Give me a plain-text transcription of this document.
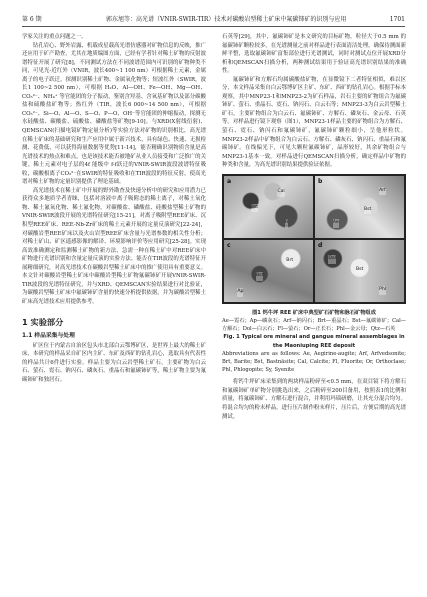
第 6 期	郭东旭等：高光谱（VNIR-SWIR-TIR）技术对碳酸岩型稀土矿床中氟碳铈矿的识别与应用	1701

学家关注的重点问题之一。

钻孔岩心、野外岩露、机载成星载高光谱仿感器对矿物信息的反映，推广还应用于矿产勘查，尤其在地质编图方面，已经有学者针对稀土矿物的反射波谱特征开展了研究[8]，不同测试方法在不同波谱范围内可识别的矿物种类不同，可见光-近红外（VNIR，波长400~1 100 nm）可根据稀土元素，金属离子的电子跃迁，探测识别稀土矿物、金属氧化物等；短波红外（SWIR，波长1 100~2 500 nm），可根据 H₂O、Al—OH、Fe—OH、Mg—OH、CO₃²⁻、NH₄⁺ 等官能团的分子振动，鉴别含羟基、含氧基矿物以及部分碳酸盐和硫酸盐矿物等；热红外（TIR，波长6 000~14 500 nm），可根据 CO₃²⁻、Si—O、Al—O、S—O、P—O、OH⁻等官能团的伸缩振动，探测无水硅酸盐、碳酸盐、硫酸盐、磷酸盐等矿物[9-10]。与XRD(X射线衍射)、QEMSCAN(扫描电镜矿物定量分析)等实验方法对矿物的识别相比，高光谱在稀土矿床的基础研究和生产应用中属于新兴技术，具有绿色、快速、无损检测、花费低、可以获得海量数据等优势[11-14]，能否精确识别物质含量是高光谱技术的热点和难点，也是该技术能否被地矿从业人员接受和广泛推广的关键。稀土元素对电子层的4f 能级中 f-f跃迁的VNIR-SWIR波段波谱特征吸收，碳酸根离子CO₃²⁻在SWIR的特征吸收和在TIR波段的特征反射，使高光谱对稀土矿物的定量识别提供了理论基础。

高光谱技术在稀土矿中开展的野外勘查及快速分析中的研究和应用潜力已获得众多地质学者青睐，包括对溶液中离子吸附态的稀土离子，对稀土氧化物、稀土氟氧化物、稀土氟化物，对碳酸盐、磷酸盐、硅酸盐型稀土矿物的VNIR-SWIR波段开展的光谱特征研究[15-21]，对离子吸附型REE矿床、沉积型REE矿床、REE-Nb-Zr矿床的稀土元素开展的定量反演研究[22-24]，对碳酸岩型REE矿床以及火山岩型REE矿床含量与光谱参数的相关性分析；对稀土矿山、矿区遥感影像的解译、环境影响评价等应用研究[25-28]。实现高效准确测定和监测稀土矿物的新方法，急需一种在稀土矿中对REE矿床中矿物进行光谱识别和含量定量反演的实验方法。能否在TIR波段的光谱特征开展精细研究，对高光谱技术在碳酸岩型稀土矿床中的推广使用具有重要意义。本文针对碳酸岩型稀土矿床中碳酸岩型稀土矿物氟碳铈矿开展VNIR-SWIR-TIR波段的光谱特征研究，并与XRD、QEMSCAN实验结果进行对比验证，为碳酸岩型稀土矿床中氟碳铈矿含量的快速分析提供依据，并为碳酸岩型稀土矿床高光谱技术应用提供参考。

1 实验部分
1.1 样品采集与处理

矿区位于内蒙古自治区包头市北部白云鄂博矿区，是世界上最大的稀土矿床，本研究的样品采自矿区内主矿、东矿及西矿的钻孔岩心，选取具有代表性的样品共计6件进行实验。样品主要为白云岩型稀土矿石，主要矿物为白云石、萤石、霓石、钠闪石、磷灰石、重晶石和氟碳铈矿等，稀土矿物主要为氟碳铈矿和独居石。

石英等[29]，其中，氟碳铈矿是本文研究的目标矿物，粒径大于0.5 mm 的氟碳铈矿颗粒较多。在光谱测量之前对样品进行表面清洁处理，确保待测面新鲜平整，选取氟碳铈矿富集部位进行光谱测试，同时对测试点位开展XRD分析和QEMSCAN扫描分析，两种测试结果用于验证高光谱识别结果的准确性。

氟碳铈矿和方解石均属碳酸盐矿物，在显微镜下二者特征相似，难以区分，本文样品采集自白云鄂博矿区主矿、东矿、西矿的钻孔岩心。根据手标本观察，其中MNP23-1和MNP23-2为矿石样品，岩石主要的矿物组合为氟碳铈矿、萤石、重晶石、霓石、钠闪石、白云石等；MNP23-3为白云岩型稀土矿石，主要矿物组合为白云石、氟碳铈矿、方解石、磷灰石、金云母、石英等。对样品进行镜下观察（图1），MNP23-1样品主要的矿物组合为方解石、萤石、霓石、钠闪石和氟碳铈矿，氟碳铈矿颗粒细小，呈他形粒状。MNP23-2样品中矿物组合为白云石、方解石、磷灰石、钠闪石、重晶石和氟碳铈矿。在线偏光下，可见大颗粒氟碳铈矿，晶形较好，其余矿物组合与MNP23-1基本一致。对样品进行QEMSCAN扫描分析，确定样品中矿物的种类和含量，为高光谱识别结果提供验证依据。

a
Bst
Cal
Fl
b
Bst
Ae
Arf
c
Bst
Brt
Ap
d
Bst
Dol
Phl

图1 钙牛坪 REE 矿床中典型矿石矿物和脉石矿物组成

Ae—霓石；Ap—磷灰石；Arf—钠闪石；Brt—重晶石；Bst—氟碳铈矿；Cal—方解石；Dol—白云石；Fl—萤石；Or—正长石；Phl—金云母；Qtz—石英

Fig. 1 Typical ore mineral and gangue mineral assemblages in the Maoniuping REE deposit

Abbreviations are as follows: Ae, Aegirine-augite; Arf, Arfvedsonite; Brt, Barite; Bst, Bastnäsite; Cal, Calcite; Fl, Fluorite; Or, Orthoclase; Phl, Phlogopite; Sy, Syenite

将钙牛坪矿床采集到的两块样品粉碎至<0.5 mm，在双目镜下将方解石和氟碳铈矿单矿物分别挑选出来，之后粉碎至200目备用，按照表1的比例和质量，将氟碳铈矿、方解石进行混合，并利用玛瑙研磨，让其充分混合均匀。将混合均匀的粉末样品，进行压片制作粉末样片，压片后，方便后期的高光谱测试。
